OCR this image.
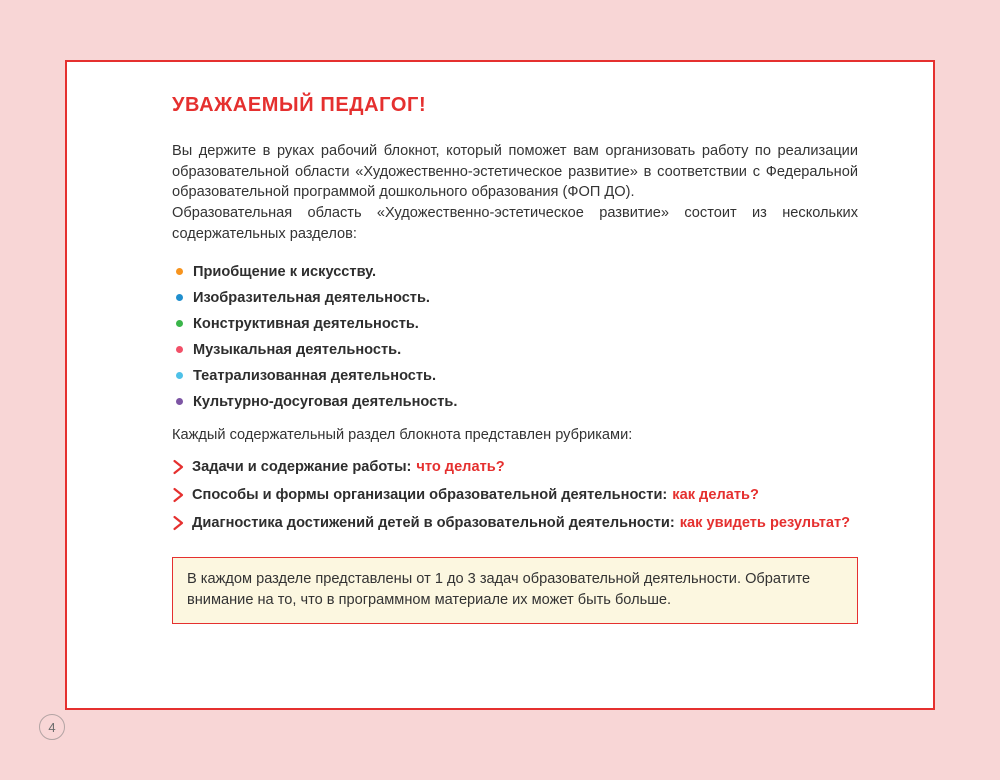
УВАЖАЕМЫЙ ПЕДАГОГ!

Вы держите в руках рабочий блокнот, который поможет вам организовать работу по реализации образовательной области «Художественно-эстетическое развитие» в соответствии с Федеральной образовательной программой дошкольного образования (ФОП ДО).

Образовательная область «Художественно-эстетическое развитие» состоит из нескольких содержательных разделов:

Приобщение к искусству.
Изобразительная деятельность.
Конструктивная деятельность.
Музыкальная деятельность.
Театрализованная деятельность.
Культурно-досуговая деятельность.

Каждый содержательный раздел блокнота представлен рубриками:

Задачи и содержание работы: что делать?
Способы и формы организации образовательной деятельности: как делать?
Диагностика достижений детей в образовательной деятельности: как увидеть результат?
В каждом разделе представлены от 1 до 3 задач образовательной деятельности. Обратите внимание на то, что в программном материале их может быть больше.
4
